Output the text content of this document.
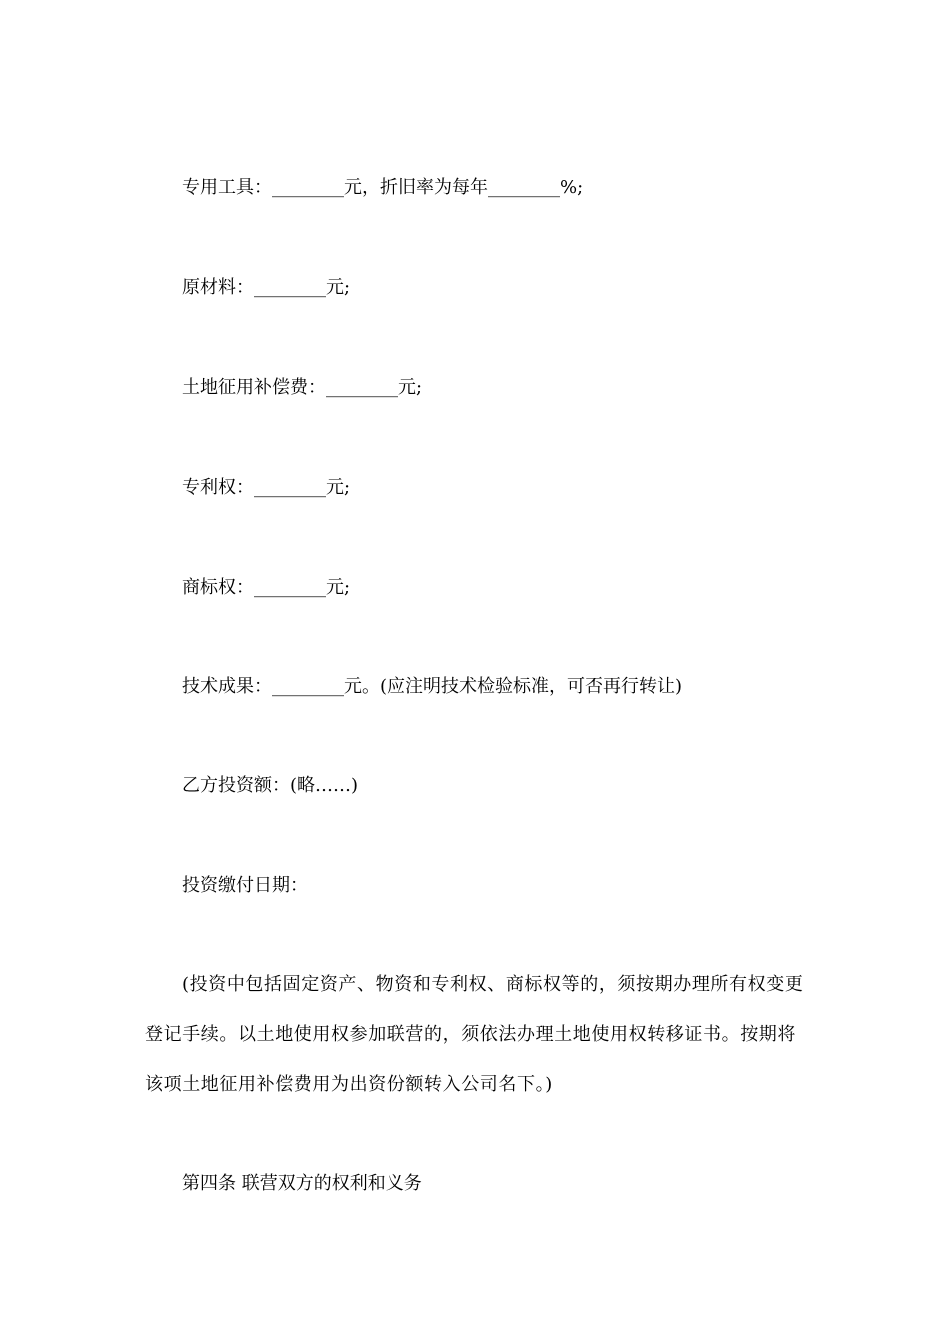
专用工具：________元，折旧率为每年________%;
原材料：________元;
土地征用补偿费：________元;
专利权：________元;
商标权：________元;
技术成果：________元。(应注明技术检验标准，可否再行转让)
乙方投资额：(略……)
投资缴付日期：
(投资中包括固定资产、物资和专利权、商标权等的，须按期办理所有权变更登记手续。以土地使用权参加联营的，须依法办理土地使用权转移证书。按期将该项土地征用补偿费用为出资份额转入公司名下。)
第四条 联营双方的权利和义务
